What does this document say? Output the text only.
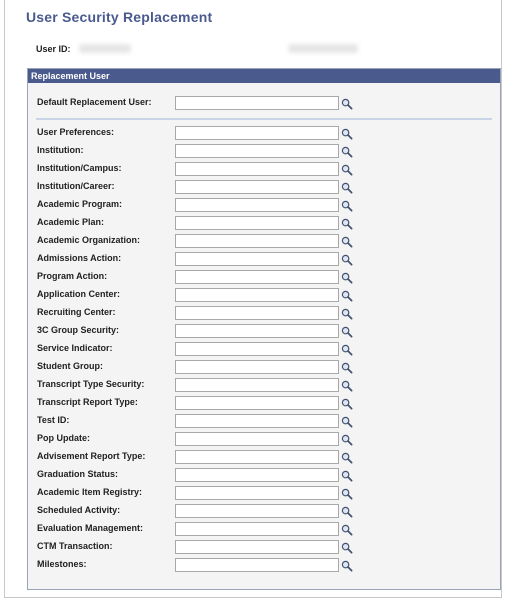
User Security Replacement
User ID:
Replacement User
Default Replacement User:
User Preferences:
Institution:
Institution/Campus:
Institution/Career:
Academic Program:
Academic Plan:
Academic Organization:
Admissions Action:
Program Action:
Application Center:
Recruiting Center:
3C Group Security:
Service Indicator:
Student Group:
Transcript Type Security:
Transcript Report Type:
Test ID:
Pop Update:
Advisement Report Type:
Graduation Status:
Academic Item Registry:
Scheduled Activity:
Evaluation Management:
CTM Transaction:
Milestones:
